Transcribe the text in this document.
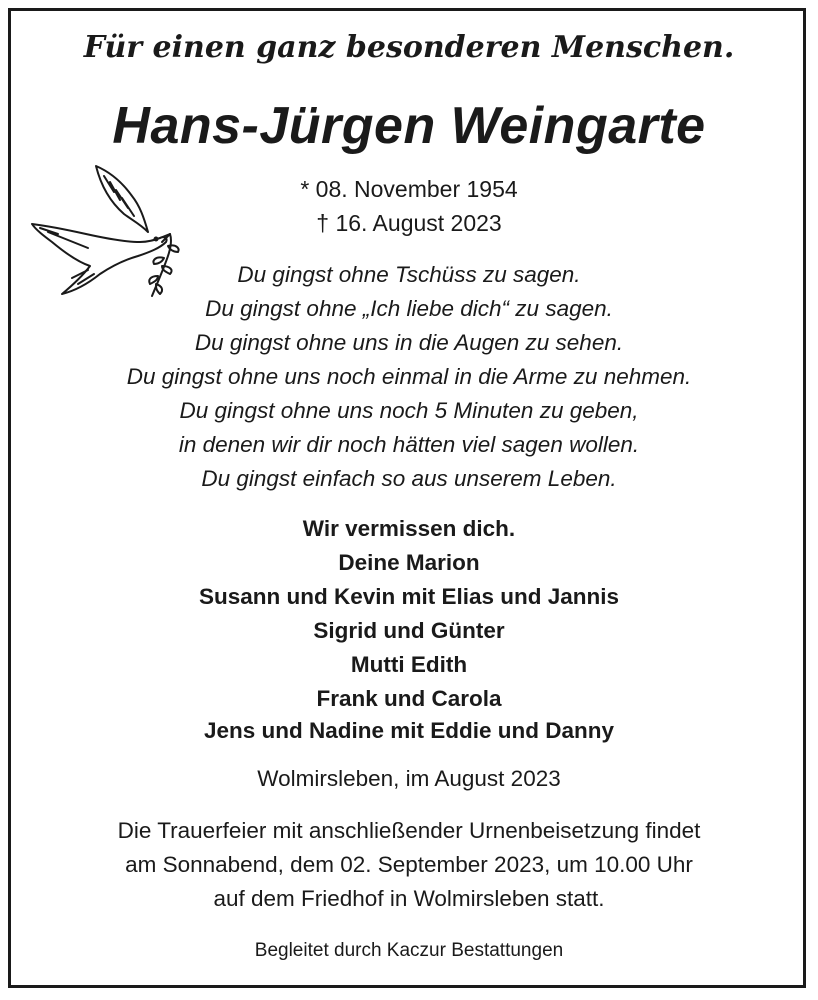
Für einen ganz besonderen Menschen.

Hans-Jürgen Weingarte

* 08. November 1954

† 16. August 2023

Du gingst ohne Tschüss zu sagen.

Du gingst ohne „Ich liebe dich“ zu sagen.

Du gingst ohne uns in die Augen zu sehen.

Du gingst ohne uns noch einmal in die Arme zu nehmen.

Du gingst ohne uns noch 5 Minuten zu geben,

in denen wir dir noch hätten viel sagen wollen.

Du gingst einfach so aus unserem Leben.

Wir vermissen dich.

Deine Marion

Susann und Kevin mit Elias und Jannis

Sigrid und Günter

Mutti Edith

Frank und Carola

Jens und Nadine mit Eddie und Danny

Wolmirsleben, im August 2023

Die Trauerfeier mit anschließender Urnenbeisetzung findet

am Sonnabend, dem 02. September 2023, um 10.00 Uhr

auf dem Friedhof in Wolmirsleben statt.

Begleitet durch Kaczur Bestattungen
